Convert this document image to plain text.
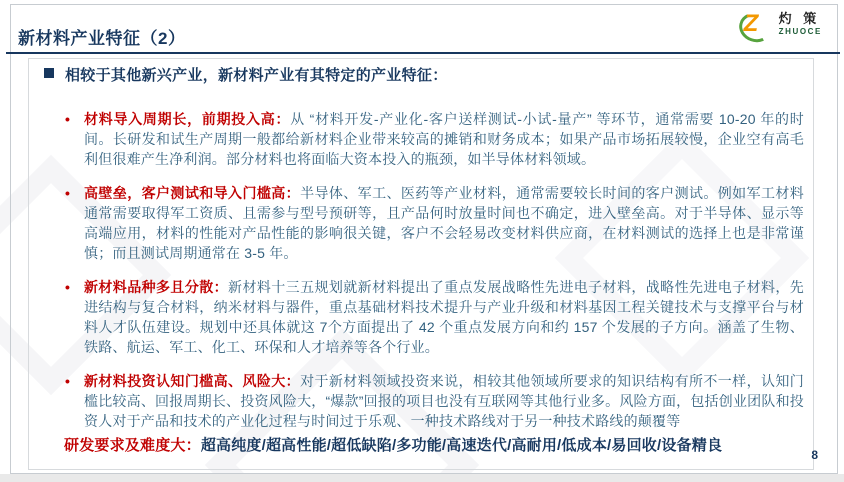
新材料产业特征（2）
Z 灼 策
ZHUOCE
相较于其他新兴产业，新材料产业有其特定的产业特征：

• 材料导入周期长，前期投入高：从 “材料开发-产业化-客户送样测试-小试-量产” 等环节，通常需要 10-20 年的时间。长研发和试生产周期一般都给新材料企业带来较高的摊销和财务成本；如果产品市场拓展较慢，企业空有高毛利但很难产生净利润。部分材料也将面临大资本投入的瓶颈，如半导体材料领域。

• 高壁垒，客户测试和导入门槛高：半导体、军工、医药等产业材料，通常需要较长时间的客户测试。例如军工材料通常需要取得军工资质、且需参与型号预研等，且产品何时放量时间也不确定，进入壁垒高。对于半导体、显示等高端应用，材料的性能对产品性能的影响很关键，客户不会轻易改变材料供应商，在材料测试的选择上也是非常谨慎；而且测试周期通常在 3-5 年。

• 新材料品种多且分散：新材料十三五规划就新材料提出了重点发展战略性先进电子材料，战略性先进电子材料，先进结构与复合材料，纳米材料与器件，重点基础材料技术提升与产业升级和材料基因工程关键技术与支撑平台与材料人才队伍建设。规划中还具体就这 7个方面提出了 42 个重点发展方向和约 157 个发展的子方向。涵盖了生物、铁路、航运、军工、化工、环保和人才培养等各个行业。

• 新材料投资认知门槛高、风险大：对于新材料领域投资来说，相较其他领域所要求的知识结构有所不一样，认知门槛比较高、回报周期长、投资风险大，“爆款”回报的项目也没有互联网等其他行业多。风险方面，包括创业团队和投资人对于产品和技术的产业化过程与时间过于乐观、一种技术路线对于另一种技术路线的颠覆等

研发要求及难度大：超高纯度/超高性能/超低缺陷/多功能/高速迭代/高耐用/低成本/易回收/设备精良
8
